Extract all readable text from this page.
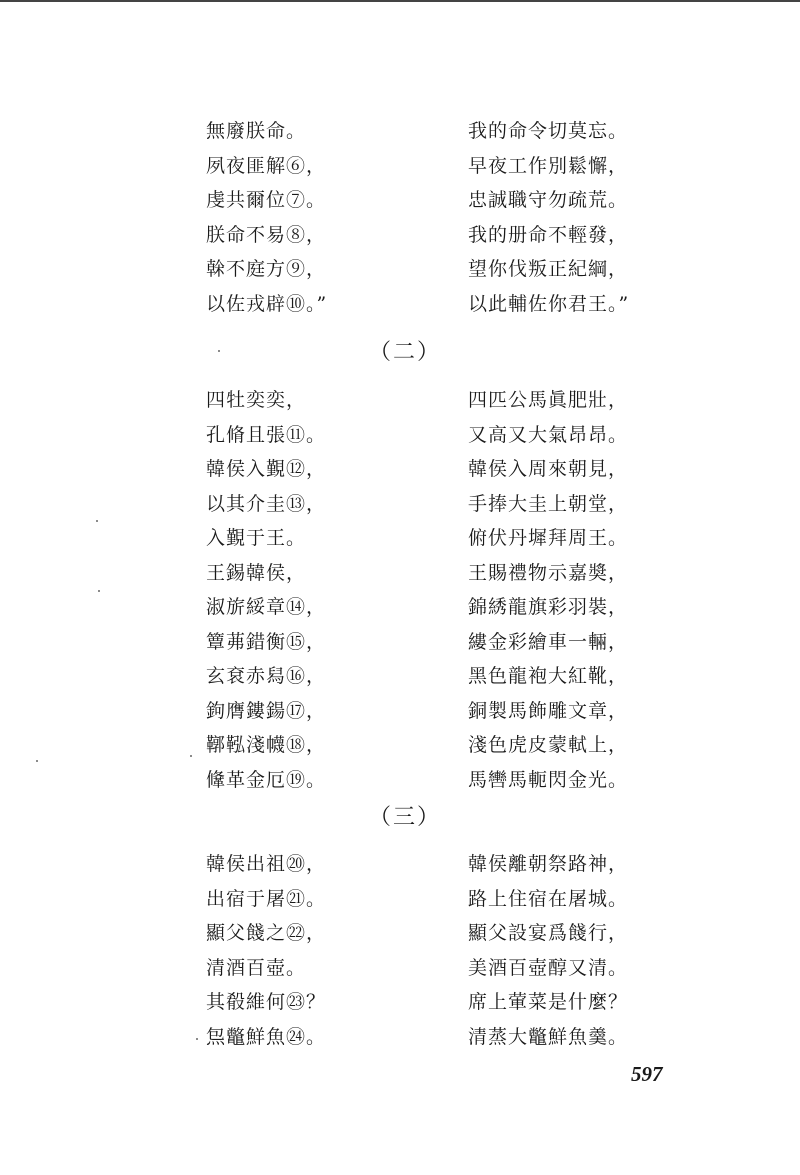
無廢朕命。	我的命令切莫忘。
夙夜匪解⑥，	早夜工作別鬆懈，
虔共爾位⑦。	忠誠職守勿疏荒。
朕命不易⑧，	我的册命不輕發，
榦不庭方⑨，	望你伐叛正紀綱，
以佐戎辟⑩。”	以此輔佐你君王。”
（二）
四牡奕奕，	四匹公馬眞肥壯，
孔脩且張⑪。	又高又大氣昂昂。
韓侯入覲⑫，	韓侯入周來朝見，
以其介圭⑬，	手捧大圭上朝堂，
入覲于王。	俯伏丹墀拜周王。
王錫韓侯，	王賜禮物示嘉奬，
淑旂綏章⑭，	錦綉龍旗彩羽裝，
簟茀錯衡⑮，	縷金彩繪車一輛，
玄袞赤舄⑯，	黑色龍袍大紅靴，
鉤膺鏤鍚⑰，	銅製馬飾雕文章，
鞹鞃淺幭⑱，	淺色虎皮蒙軾上，
鞗革金厄⑲。	馬轡馬軛閃金光。
（三）
韓侯出祖⑳，	韓侯離朝祭路神，
出宿于屠㉑。	路上住宿在屠城。
顯父餞之㉒，	顯父設宴爲餞行，
清酒百壺。	美酒百壺醇又清。
其殽維何㉓？	席上葷菜是什麼？
炰鼈鮮魚㉔。	清蒸大鼈鮮魚羹。
597
